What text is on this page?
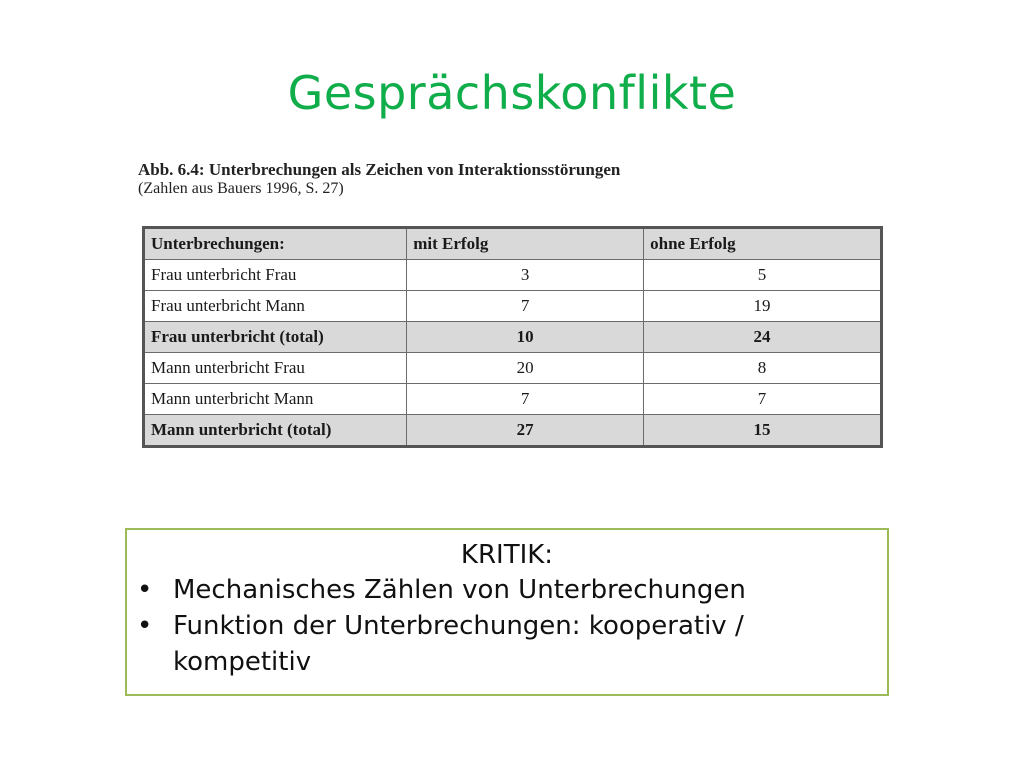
Gesprächskonflikte
Abb. 6.4: Unterbrechungen als Zeichen von Interaktionsstörungen
(Zahlen aus Bauers 1996, S. 27)
Unterbrechungen:	mit Erfolg	ohne Erfolg
Frau unterbricht Frau	3	5
Frau unterbricht Mann	7	19
Frau unterbricht (total)	10	24
Mann unterbricht Frau	20	8
Mann unterbricht Mann	7	7
Mann unterbricht (total)	27	15
KRITIK:
• Mechanisches Zählen von Unterbrechungen
• Funktion der Unterbrechungen: kooperativ / kompetitiv
